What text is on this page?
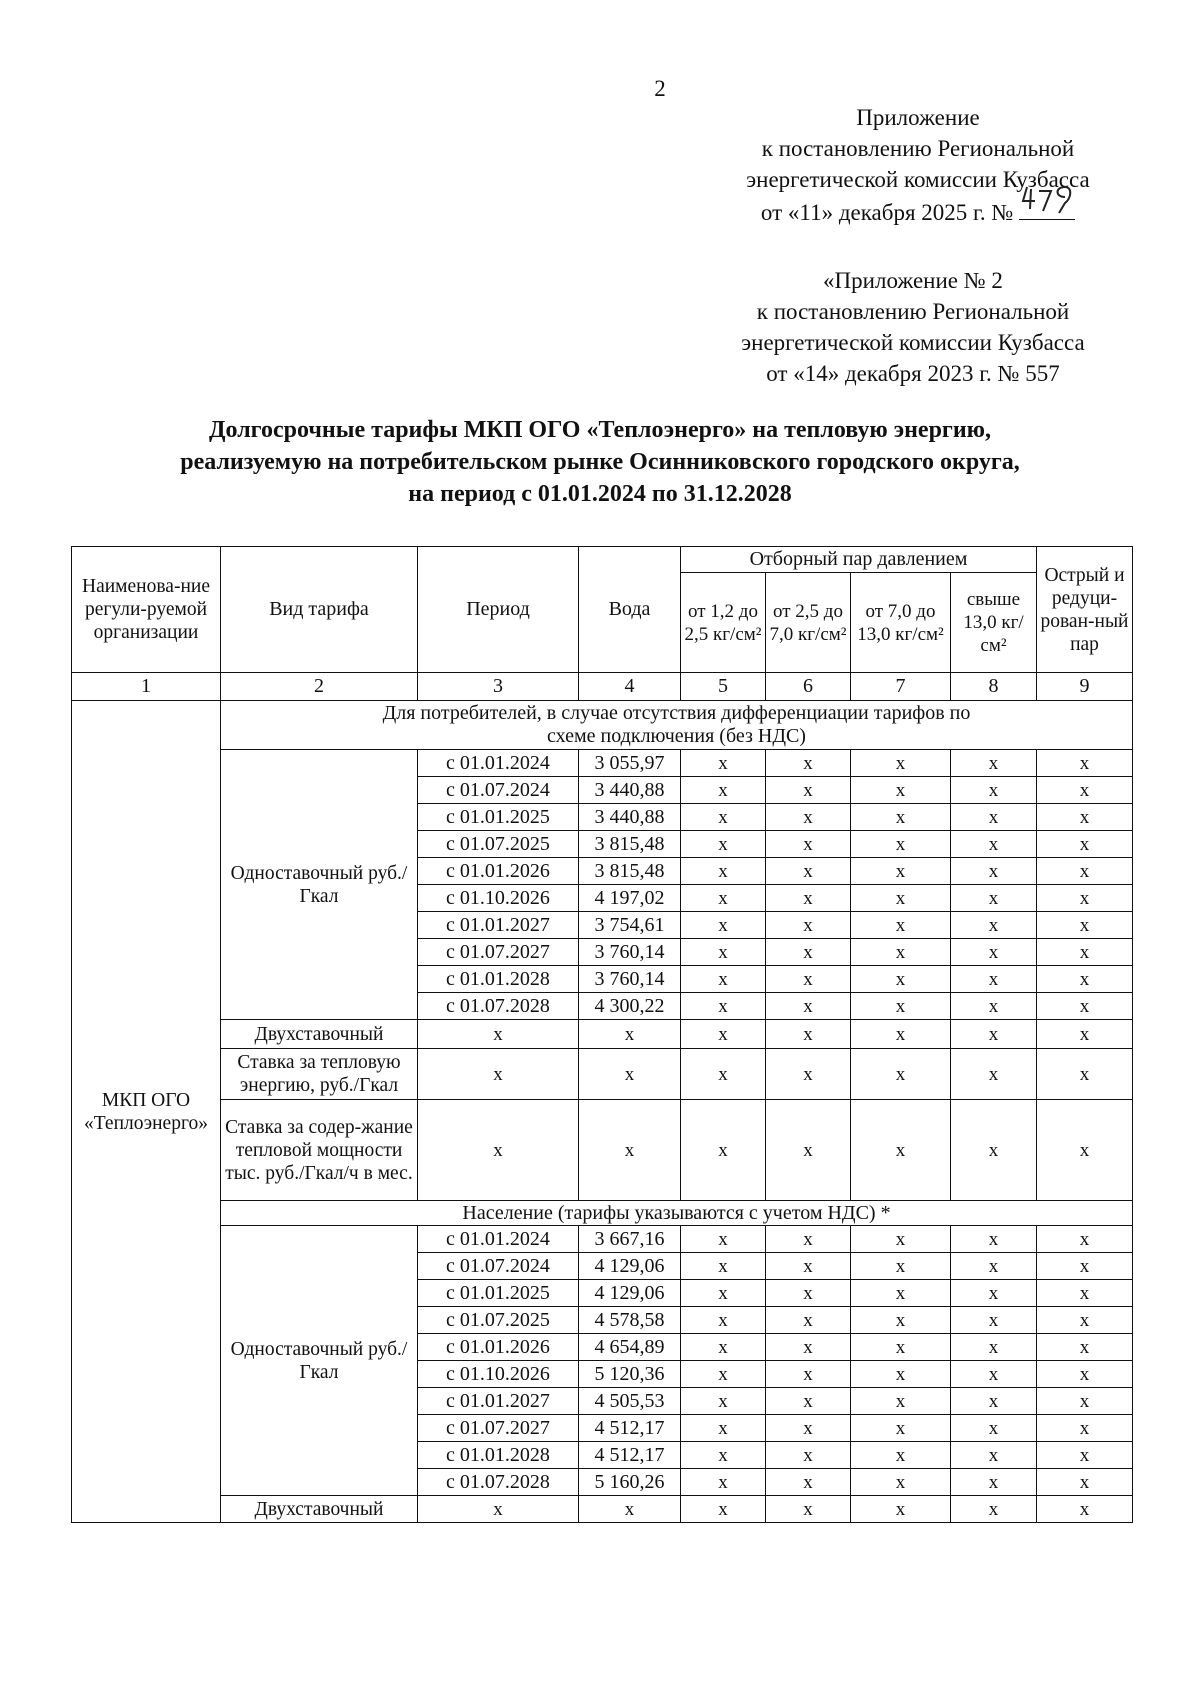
2
Приложение
к постановлению Региональной
энергетической комиссии Кузбасса
от «11» декабря 2025 г. №
«Приложение № 2
к постановлению Региональной
энергетической комиссии Кузбасса
от «14» декабря 2023 г. № 557
Долгосрочные тарифы МКП ОГО «Теплоэнерго» на тепловую энергию,
реализуемую на потребительском рынке Осинниковского городского округа,
на период с 01.01.2024 по 31.12.2028
Наименова-ние регули-руемой организации	Вид тарифа	Период	Вода	Отборный пар давлением				Острый и редуци-рован-ный пар
				от 1,2 до 2,5 кг/см²	от 2,5 до 7,0 кг/см²	от 7,0 до 13,0 кг/см²	свыше 13,0 кг/см²	
1	2	3	4	5	6	7	8	9
МКП ОГО «Теплоэнерго»	Для потребителей, в случае отсутствия дифференциации тарифов по схеме подключения (без НДС)							
	Одноставочный руб./Гкал	с 01.01.2024	3 055,97	x	x	x	x	x
		с 01.07.2024	3 440,88	x	x	x	x	x
		с 01.01.2025	3 440,88	x	x	x	x	x
		с 01.07.2025	3 815,48	x	x	x	x	x
		с 01.01.2026	3 815,48	x	x	x	x	x
		с 01.10.2026	4 197,02	x	x	x	x	x
		с 01.01.2027	3 754,61	x	x	x	x	x
		с 01.07.2027	3 760,14	x	x	x	x	x
		с 01.01.2028	3 760,14	x	x	x	x	x
		с 01.07.2028	4 300,22	x	x	x	x	x
	Двухставочный	x	x	x	x	x	x	x
	Ставка за тепловую энергию, руб./Гкал	x	x	x	x	x	x	x
	Ставка за содер-жание тепловой мощности тыс. руб./Гкал/ч в мес.	x	x	x	x	x	x	x
	Население (тарифы указываются с учетом НДС) *							
	Одноставочный руб./Гкал	с 01.01.2024	3 667,16	x	x	x	x	x
		с 01.07.2024	4 129,06	x	x	x	x	x
		с 01.01.2025	4 129,06	x	x	x	x	x
		с 01.07.2025	4 578,58	x	x	x	x	x
		с 01.01.2026	4 654,89	x	x	x	x	x
		с 01.10.2026	5 120,36	x	x	x	x	x
		с 01.01.2027	4 505,53	x	x	x	x	x
		с 01.07.2027	4 512,17	x	x	x	x	x
		с 01.01.2028	4 512,17	x	x	x	x	x
		с 01.07.2028	5 160,26	x	x	x	x	x
	Двухставочный	x	x	x	x	x	x	x
